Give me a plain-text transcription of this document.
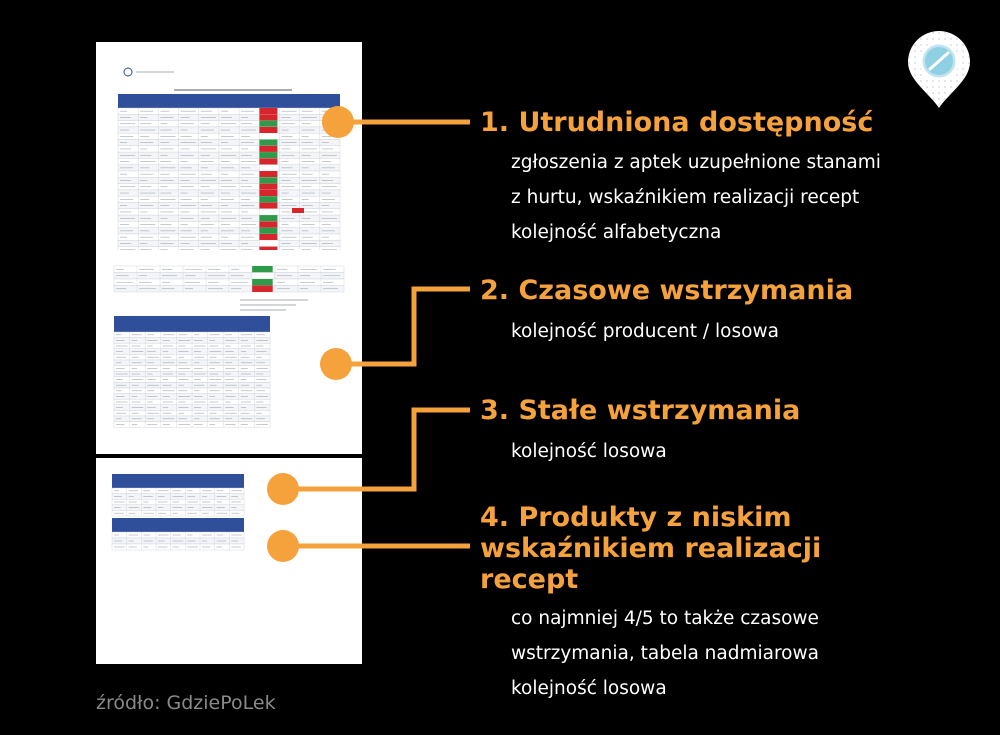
1. Utrudniona dostępność
zgłoszenia z aptek uzupełnione stanami
z hurtu, wskaźnikiem realizacji recept
kolejność alfabetyczna
2. Czasowe wstrzymania
kolejność producent / losowa
3. Stałe wstrzymania
kolejność losowa
4. Produkty z niskim
wskaźnikiem realizacji
recept
co najmniej 4/5 to także czasowe
wstrzymania, tabela nadmiarowa
kolejność losowa

źródło: GdziePoLek
